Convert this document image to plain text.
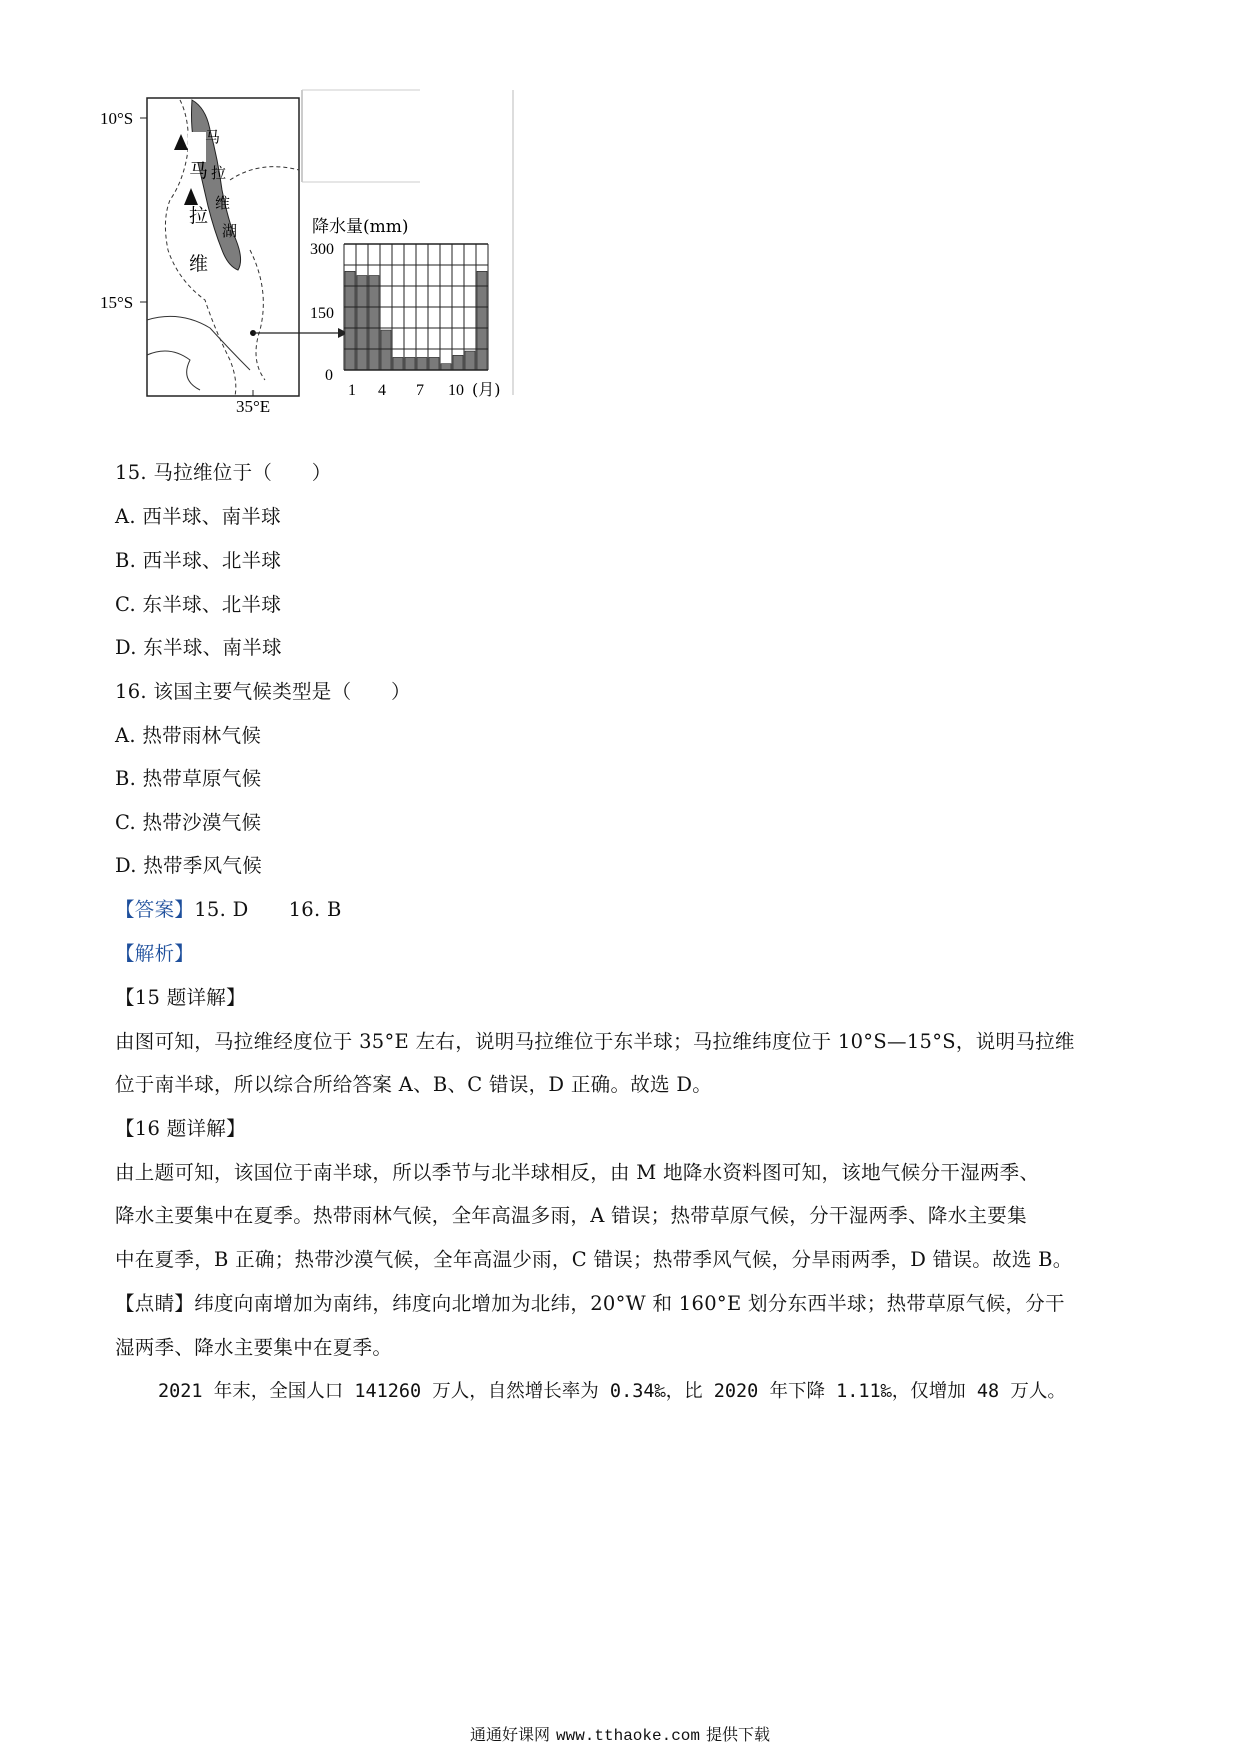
10°S
15°S
35°E
马
拉
维
湖
马
拉
维
降水量(mm)
300
150
0
1 4 7 10 (月)
15. 马拉维位于（　　）
A. 西半球、南半球
B. 西半球、北半球
C. 东半球、北半球
D. 东半球、南半球
16. 该国主要气候类型是（　　）
A. 热带雨林气候
B. 热带草原气候
C. 热带沙漠气候
D. 热带季风气候
【答案】15. D 16. B
【解析】
【15 题详解】
由图可知，马拉维经度位于 35°E 左右，说明马拉维位于东半球；马拉维纬度位于 10°S—15°S，说明马拉维
位于南半球，所以综合所给答案 A、B、C 错误，D 正确。故选 D。
【16 题详解】
由上题可知，该国位于南半球，所以季节与北半球相反，由 M 地降水资料图可知，该地气候分干湿两季、
降水主要集中在夏季。热带雨林气候，全年高温多雨，A 错误；热带草原气候，分干湿两季、降水主要集
中在夏季，B 正确；热带沙漠气候，全年高温少雨，C 错误；热带季风气候，分旱雨两季，D 错误。故选 B。
【点睛】纬度向南增加为南纬，纬度向北增加为北纬，20°W 和 160°E 划分东西半球；热带草原气候，分干
湿两季、降水主要集中在夏季。
2021 年末，全国人口 141260 万人，自然增长率为 0.34‰，比 2020 年下降 1.11‰，仅增加 48 万人。
通通好课网 www.tthaoke.com 提供下载
